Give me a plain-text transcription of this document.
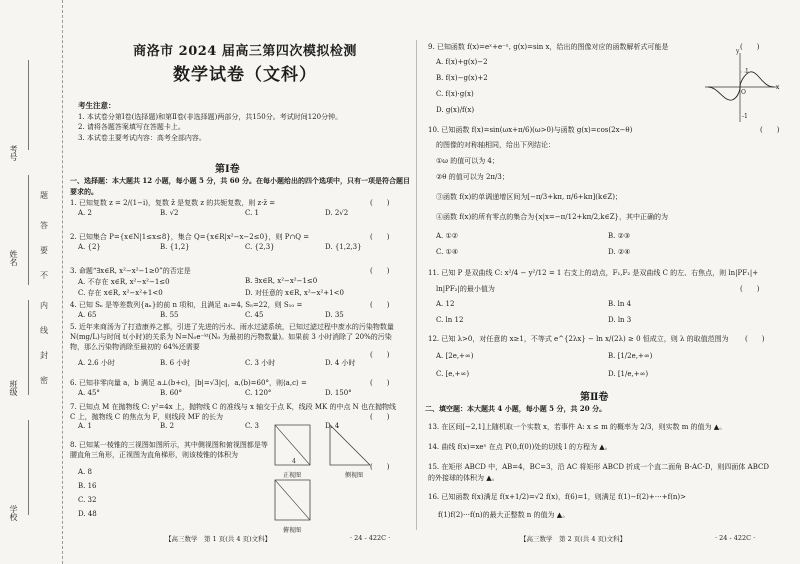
考号
姓名
班级
学校
题
答
要
不
内
线
封
密
商洛市 2024 届高三第四次模拟检测
数学试卷（文科）
考生注意：
1. 本试卷分第Ⅰ卷(选择题)和第Ⅱ卷(非选择题)两部分，共150分。考试时间120分钟。
2. 请将各题答案填写在答题卡上。
3. 本试卷主要考试内容：高考全部内容。
第Ⅰ卷
一、选择题：本大题共 12 小题，每小题 5 分，共 60 分。在每小题给出的四个选项中，只有一项是符合题目要求的。
1. 已知复数 z = 2/(1−i)，复数 z̄ 是复数 z 的共轭复数，则 z·z̄ =	(　　)
A. 2	B. √2	C. 1	D. 2√2
2. 已知集合 P={x∈N|1≤x≤8}，集合 Q={x∈R|x²−x−2≤0}，则 P∩Q =	(　　)
A. {2}	B. {1,2}	C. {2,3}	D. {1,2,3}
3. 命题“∃x∈R, x²−x²−1≥0”的否定是	(　　)
A. 不存在 x∈R, x²−x²−1≤0	B. ∃x∈R, x²−x²−1≤0
C. 存在 x∈R, x²−x²+1<0	D. 对任意的 x∈R, x²−x²+1<0
4. 已知 Sₙ 是等差数列{aₙ}的前 n 项和，且满足 a₁=4, S₅=22，则 S₁₀ =	(　　)
A. 65	B. 55	C. 45	D. 35
5. 近年来商汤为了打造康养之都，引进了先进的污水、雨水过滤系统，已知过滤过程中废水的污染物数量 N(mg/L)与时间 t(小时)的关系为 N=N₀e⁻ᵏᵗ(N₀ 为最初的污物数量)。如果前 3 小时消除了 20%的污染物，那么污染物消除至最初的 64%还需要
(　　)
A. 2.6 小时	B. 6 小时	C. 3 小时	D. 4 小时
6. 已知非零向量 a，b 满足 a⊥(b+c)，|b|=√3|c|，a,(b)=60°，则⟨a,c⟩ =	(　　)
A. 45°	B. 60°	C. 120°	D. 150°
7. 已知点 M 在抛物线 C: y²=4x 上，抛物线 C 的准线与 x 轴交于点 K，线段 MK 的中点 N 也在抛物线 C 上，抛物线 C 的焦点为 F，则线段 MF 的长为	(　　)
A. 1	B. 2	C. 3	D. 4
8. 已知某一棱锥的三视图如图所示，其中侧视图和俯视图都是等腰直角三角形，正视图为直角梯形，则该棱锥的体积为
(　　)
A. 8
B. 16
C. 32
D. 48
正视图	侧视图
俯视图
4
9. 已知函数 f(x)=eˣ+e⁻ˣ, g(x)=sin x，给出的图像对应的函数解析式可能是	(　　)
A. f(x)+g(x)−2
B. f(x)−g(x)+2
C. f(x)·g(x)
D. g(x)/f(x)
10. 已知函数 f(x)=sin(ωx+π/6)(ω>0)与函数 g(x)=cos(2x−θ)	(　　)
的图像的对称轴相同，给出下列结论：
①ω 的值可以为 4；
②θ 的值可以为 2π/3；
③函数 f(x)的单调递增区间为[−π/3+kπ, π/6+kπ](k∈Z)；
④函数 f(x)的所有零点的集合为{x|x=−π/12+kπ/2,k∈Z}，其中正确的为
A. ①②	B. ②③
C. ①④	D. ②④
11. 已知 P 是双曲线 C: x²/4 − y²/12 = 1 右支上的动点，F₁,F₂ 是双曲线 C 的左、右焦点，则 ln|PF₁|+
ln|PF₂|的最小值为	(　　)
A. 12	B. ln 4
C. ln 12	D. ln 3
12. 已知 λ>0，对任意的 x≥1，不等式 e^{2λx} − ln x/(2λ) ≥ 0 恒成立，则 λ 的取值范围为 (　　)
A. [2e,+∞)	B. [1/2e,+∞)
C. [e,+∞)	D. [1/e,+∞)
y
x
1
-1
O
第Ⅱ卷
二、填空题：本大题共 4 小题，每小题 5 分，共 20 分。
13. 在区间[−2,1]上随机取一个实数 x，若事件 A: x ≤ m 的概率为 2/3，则实数 m 的值为 ▲。
14. 曲线 f(x)=xeˣ 在点 P(0,f(0))处的切线 l 的方程为 ▲。
15. 在矩形 ABCD 中，AB=4，BC=3，沿 AC 将矩形 ABCD 折成一个直二面角 B-AC-D，则四面体 ABCD 的外接球的体积为 ▲。
16. 已知函数 f(x)满足 f(x+1/2)=√2 f(x)，f(6)=1，则满足 f(1)−f(2)+⋯+f(n)>
f(1)f(2)⋯f(n)的最大正整数 n 的值为 ▲。
【高三数学　第 1 页(共 4 页)文科】	· 24 - 422C ·	【高三数学　第 2 页(共 4 页)文科】	· 24 - 422C ·
